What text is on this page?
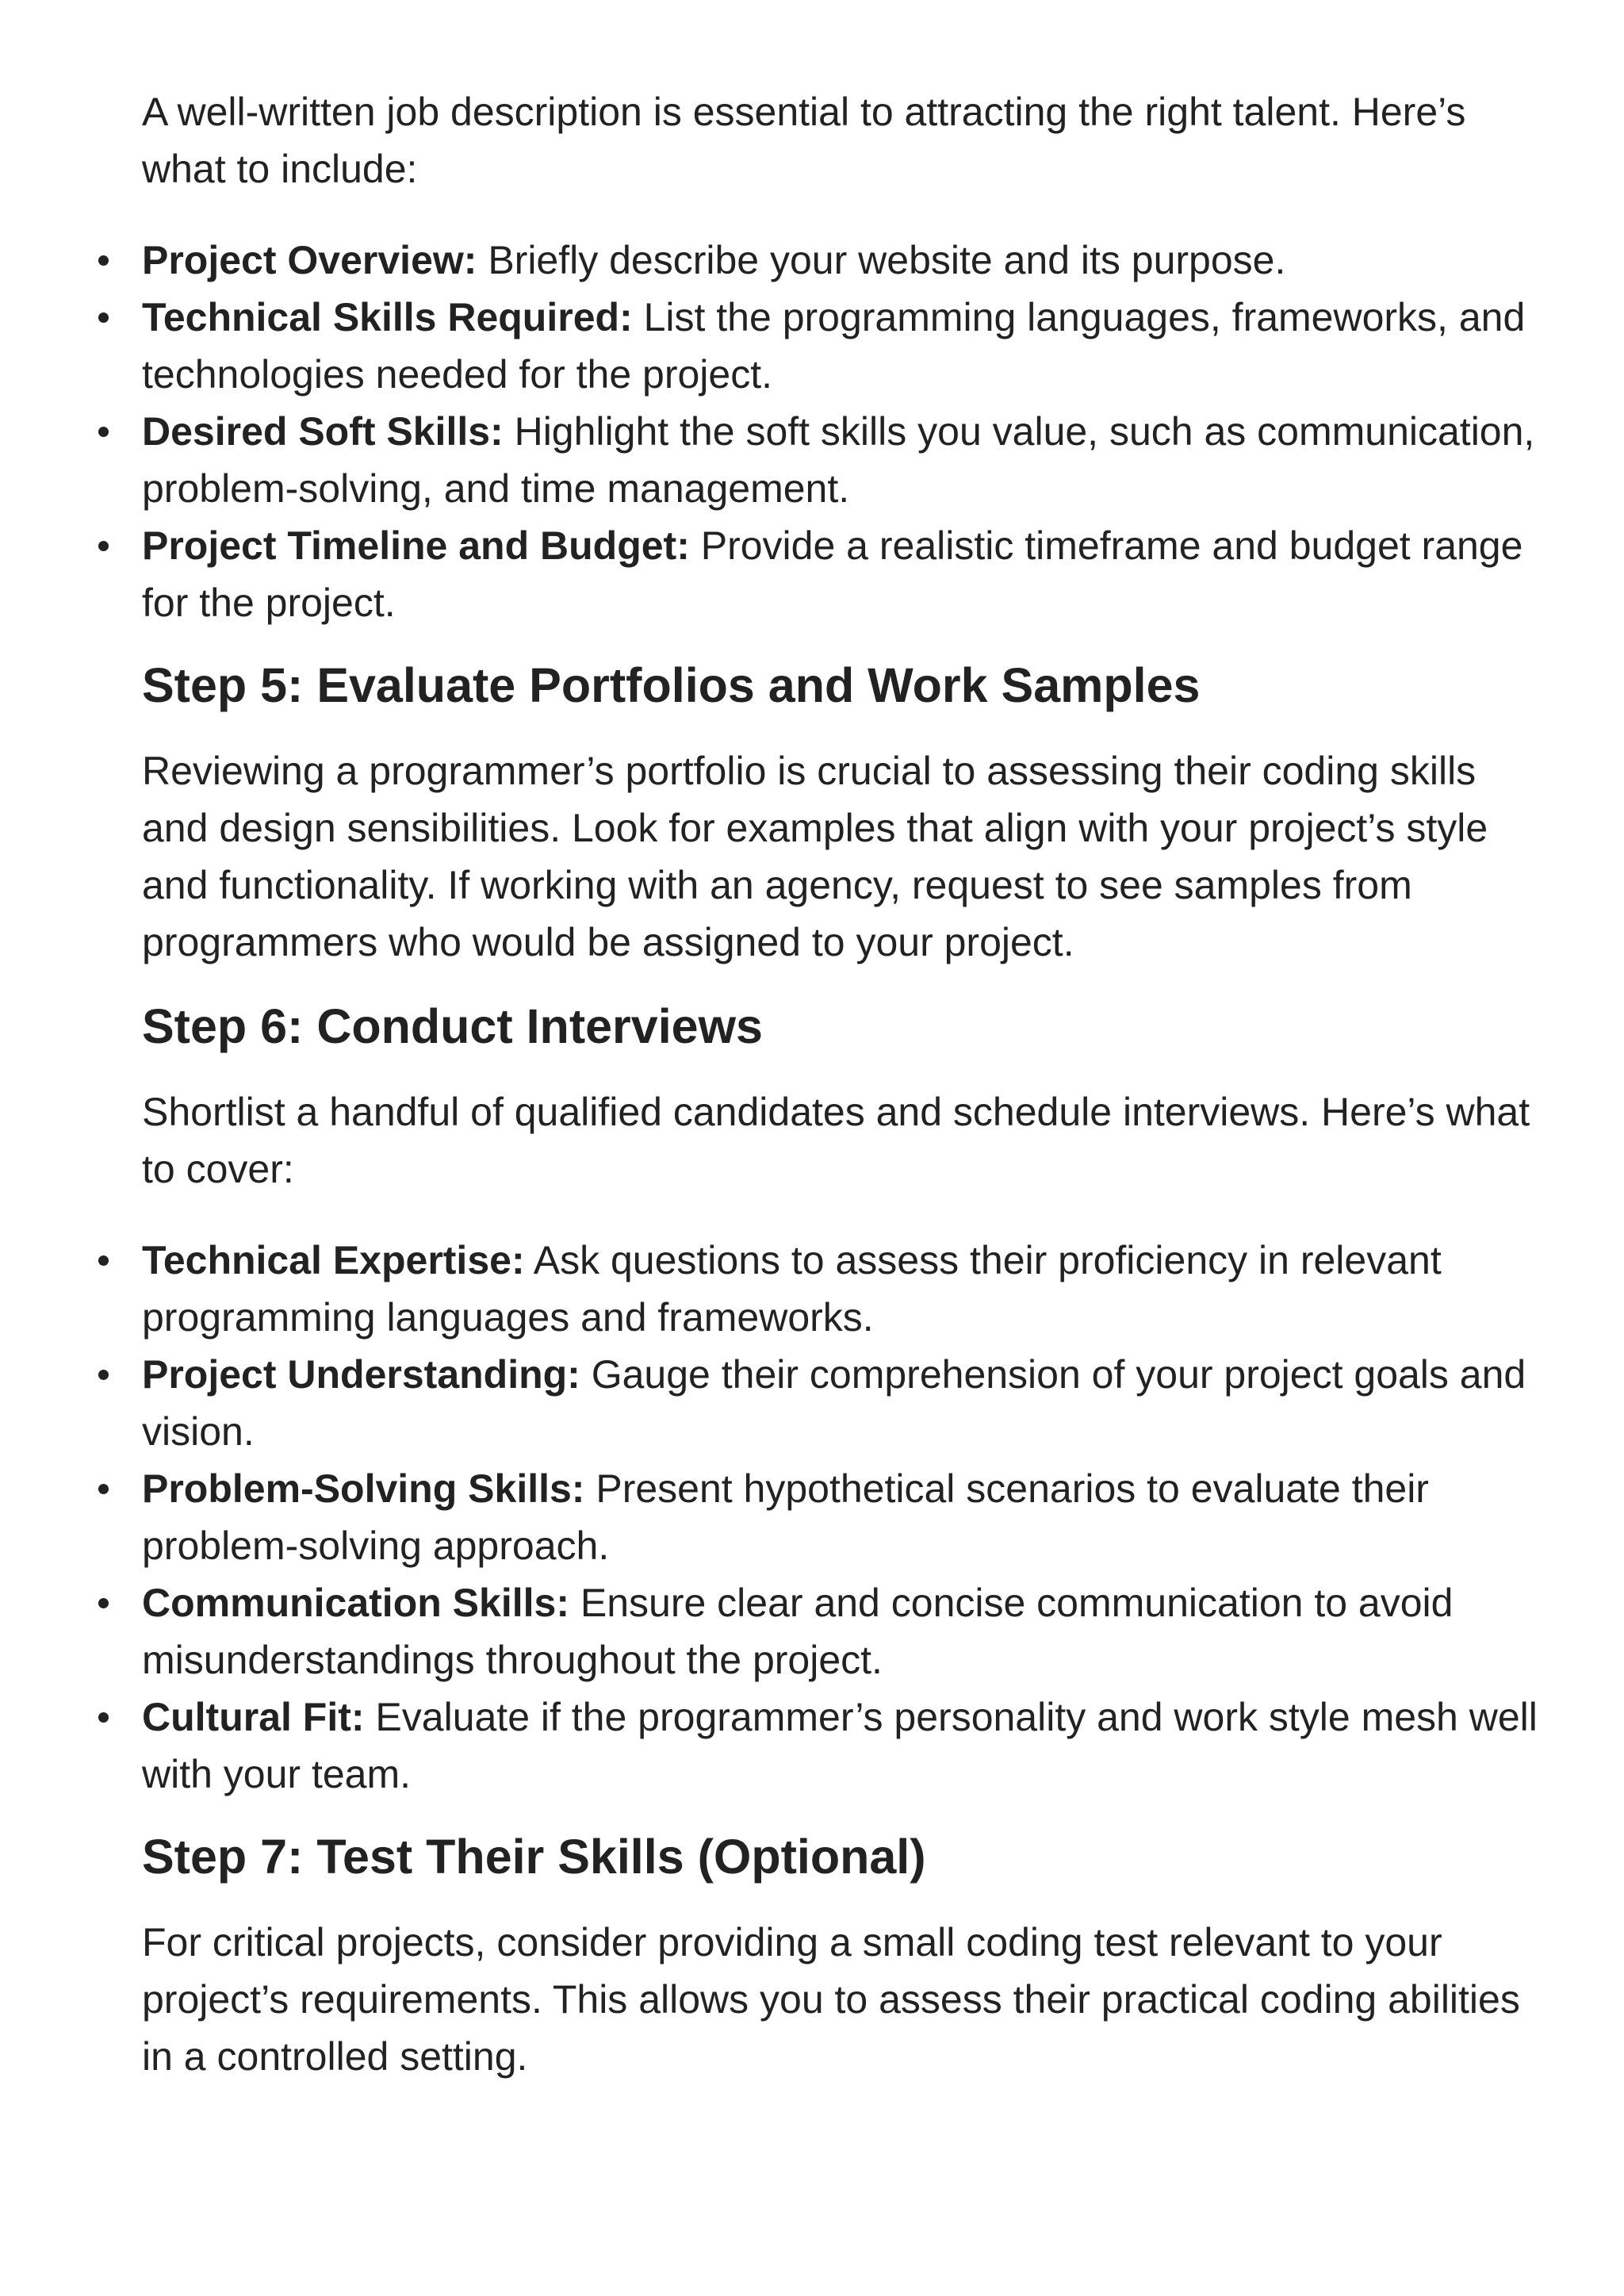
A well-written job description is essential to attracting the right talent. Here’s what to include:

Project Overview: Briefly describe your website and its purpose.
Technical Skills Required: List the programming languages, frameworks, and technologies needed for the project.
Desired Soft Skills: Highlight the soft skills you value, such as communication, problem-solving, and time management.
Project Timeline and Budget: Provide a realistic timeframe and budget range for the project.
Step 5: Evaluate Portfolios and Work Samples

Reviewing a programmer’s portfolio is crucial to assessing their coding skills and design sensibilities. Look for examples that align with your project’s style and functionality. If working with an agency, request to see samples from programmers who would be assigned to your project.

Step 6: Conduct Interviews

Shortlist a handful of qualified candidates and schedule interviews. Here’s what to cover:

Technical Expertise: Ask questions to assess their proficiency in relevant programming languages and frameworks.
Project Understanding: Gauge their comprehension of your project goals and vision.
Problem-Solving Skills: Present hypothetical scenarios to evaluate their problem-solving approach.
Communication Skills: Ensure clear and concise communication to avoid misunderstandings throughout the project.
Cultural Fit: Evaluate if the programmer’s personality and work style mesh well with your team.
Step 7: Test Their Skills (Optional)

For critical projects, consider providing a small coding test relevant to your project’s requirements. This allows you to assess their practical coding abilities in a controlled setting.
